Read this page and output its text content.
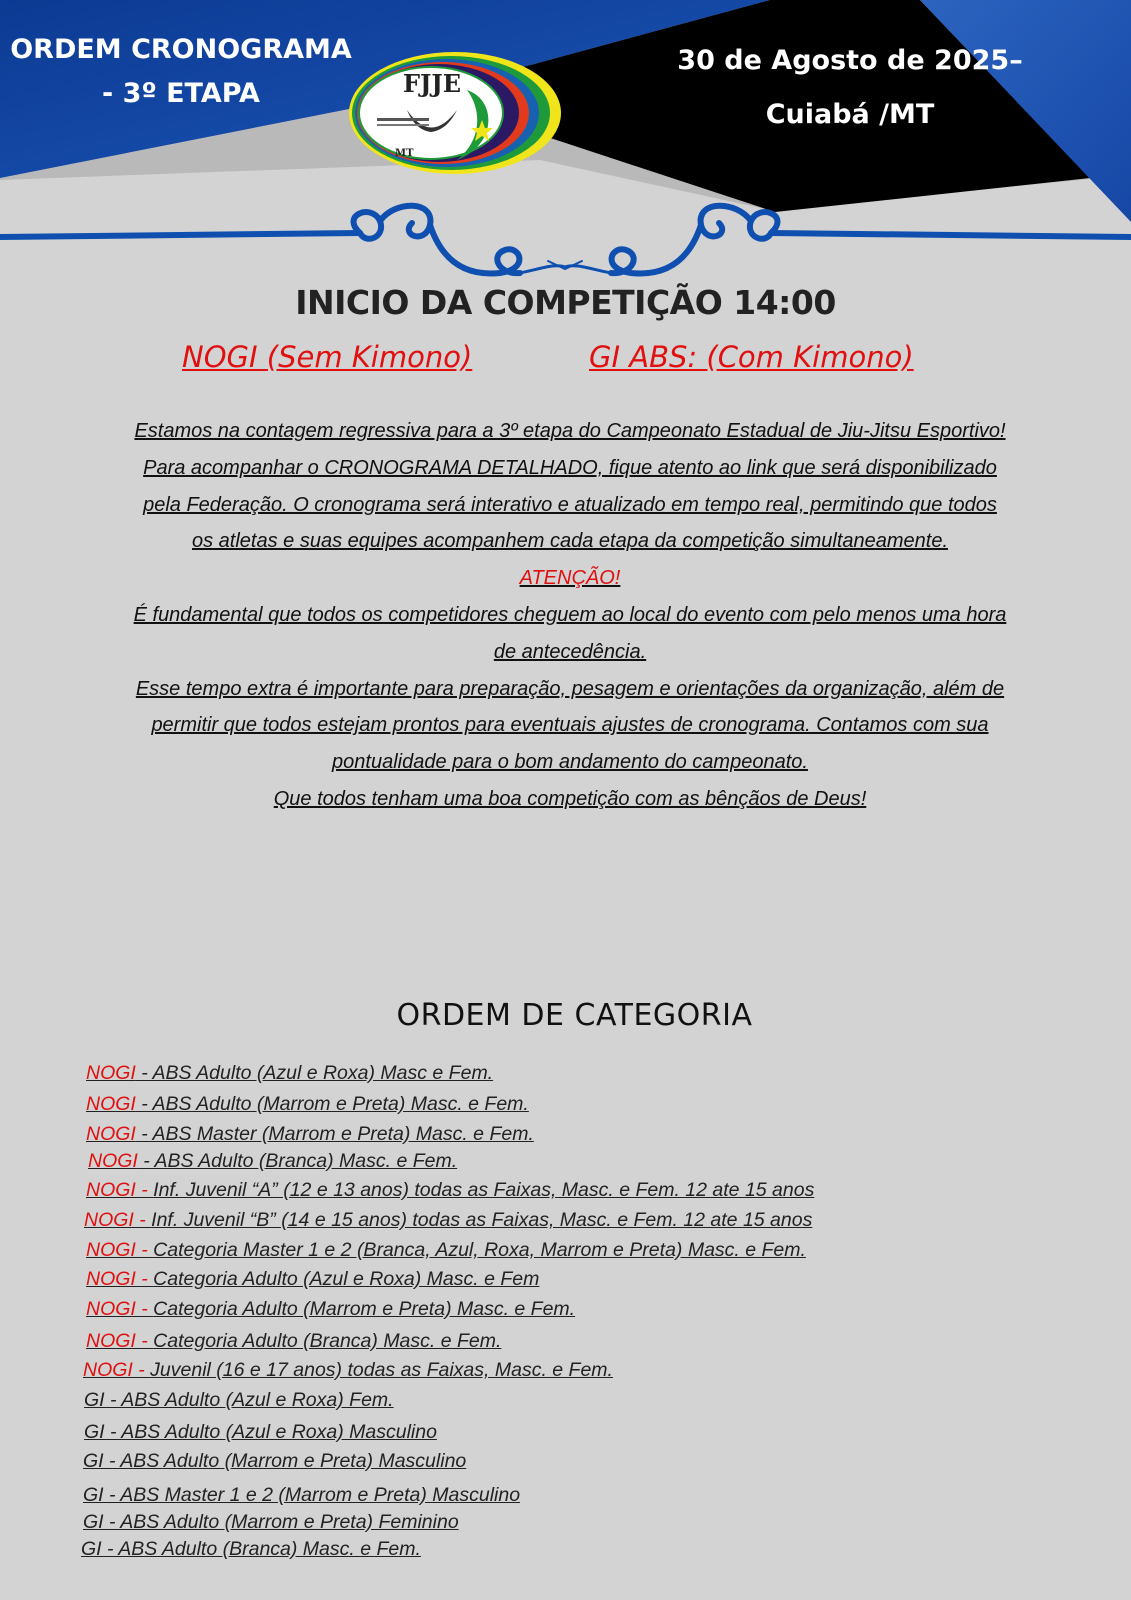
ORDEM CRONOGRAMA
- 3º ETAPA
30 de Agosto de 2025–
Cuiabá /MT
FJJE
MT
INICIO DA COMPETIÇÃO 14:00
NOGI (Sem Kimono)	GI ABS: (Com Kimono)

Estamos na contagem regressiva para a 3º etapa do Campeonato Estadual de Jiu-Jitsu Esportivo!

Para acompanhar o CRONOGRAMA DETALHADO, fique atento ao link que será disponibilizado pela Federação. O cronograma será interativo e atualizado em tempo real, permitindo que todos os atletas e suas equipes acompanhem cada etapa da competição simultaneamente.

ATENÇÃO!

É fundamental que todos os competidores cheguem ao local do evento com pelo menos uma hora de antecedência.

Esse tempo extra é importante para preparação, pesagem e orientações da organização, além de permitir que todos estejam prontos para eventuais ajustes de cronograma. Contamos com sua pontualidade para o bom andamento do campeonato.

Que todos tenham uma boa competição com as bênçãos de Deus!

ORDEM DE CATEGORIA
NOGI - ABS Adulto (Azul e Roxa) Masc e Fem.
NOGI - ABS Adulto (Marrom e Preta) Masc. e Fem.
NOGI - ABS Master (Marrom e Preta) Masc. e Fem.
NOGI - ABS Adulto (Branca) Masc. e Fem.
NOGI - Inf. Juvenil “A” (12 e 13 anos) todas as Faixas, Masc. e Fem. 12 ate 15 anos
NOGI - Inf. Juvenil “B” (14 e 15 anos) todas as Faixas, Masc. e Fem. 12 ate 15 anos
NOGI - Categoria Master 1 e 2 (Branca, Azul, Roxa, Marrom e Preta) Masc. e Fem.
NOGI - Categoria Adulto (Azul e Roxa) Masc. e Fem
NOGI - Categoria Adulto (Marrom e Preta) Masc. e Fem.
NOGI - Categoria Adulto (Branca) Masc. e Fem.
NOGI - Juvenil (16 e 17 anos) todas as Faixas, Masc. e Fem.
GI - ABS Adulto (Azul e Roxa) Fem.
GI - ABS Adulto (Azul e Roxa) Masculino
GI - ABS Adulto (Marrom e Preta) Masculino
GI - ABS Master 1 e 2 (Marrom e Preta) Masculino
GI - ABS Adulto (Marrom e Preta) Feminino
GI - ABS Adulto (Branca) Masc. e Fem.
